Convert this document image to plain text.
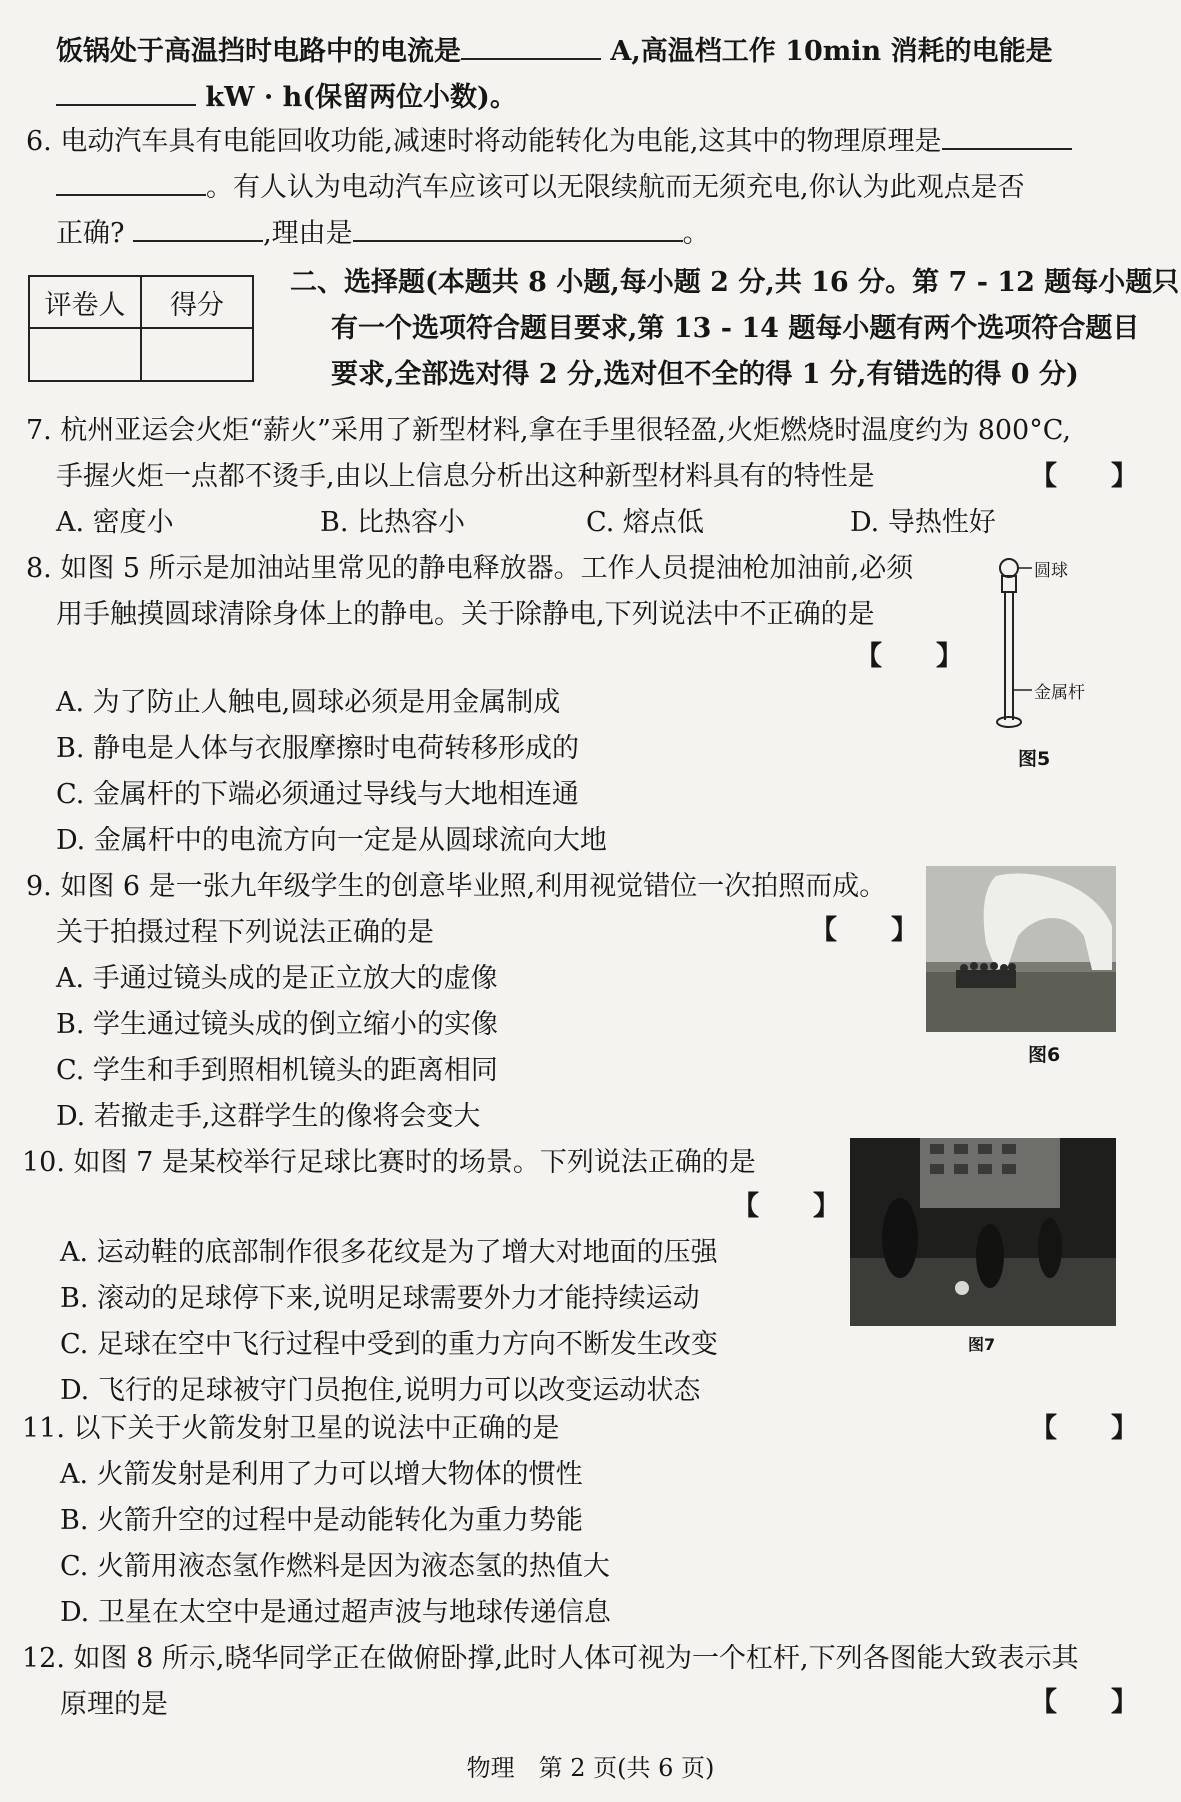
饭锅处于高温挡时电路中的电流是	A,高温档工作 10min 消耗的电能是
kW · h(保留两位小数)。
6. 电动汽车具有电能回收功能,减速时将动能转化为电能,这其中的物理原理是
。有人认为电动汽车应该可以无限续航而无须充电,你认为此观点是否
正确?	,理由是	。
评卷人	得分

二、选择题(本题共 8 小题,每小题 2 分,共 16 分。第 7 - 12 题每小题只
有一个选项符合题目要求,第 13 - 14 题每小题有两个选项符合题目
要求,全部选对得 2 分,选对但不全的得 1 分,有错选的得 0 分)
7. 杭州亚运会火炬“薪火”采用了新型材料,拿在手里很轻盈,火炬燃烧时温度约为 800°C,
手握火炬一点都不烫手,由以上信息分析出这种新型材料具有的特性是	【　　】
A. 密度小	B. 比热容小	C. 熔点低	D. 导热性好
8. 如图 5 所示是加油站里常见的静电释放器。工作人员提油枪加油前,必须
用手触摸圆球清除身体上的静电。关于除静电,下列说法中不正确的是
【　　】
A. 为了防止人触电,圆球必须是用金属制成
B. 静电是人体与衣服摩擦时电荷转移形成的
C. 金属杆的下端必须通过导线与大地相连通
D. 金属杆中的电流方向一定是从圆球流向大地
圆球
金属杆
图5
9. 如图 6 是一张九年级学生的创意毕业照,利用视觉错位一次拍照而成。
关于拍摄过程下列说法正确的是	【　　】
A. 手通过镜头成的是正立放大的虚像
B. 学生通过镜头成的倒立缩小的实像
C. 学生和手到照相机镜头的距离相同
D. 若撤走手,这群学生的像将会变大
图6
10. 如图 7 是某校举行足球比赛时的场景。下列说法正确的是
【　　】
A. 运动鞋的底部制作很多花纹是为了增大对地面的压强
B. 滚动的足球停下来,说明足球需要外力才能持续运动
C. 足球在空中飞行过程中受到的重力方向不断发生改变
D. 飞行的足球被守门员抱住,说明力可以改变运动状态
图7
11. 以下关于火箭发射卫星的说法中正确的是	【　　】
A. 火箭发射是利用了力可以增大物体的惯性
B. 火箭升空的过程中是动能转化为重力势能
C. 火箭用液态氢作燃料是因为液态氢的热值大
D. 卫星在太空中是通过超声波与地球传递信息
12. 如图 8 所示,晓华同学正在做俯卧撑,此时人体可视为一个杠杆,下列各图能大致表示其
原理的是	【　　】
物理　第 2 页(共 6 页)
